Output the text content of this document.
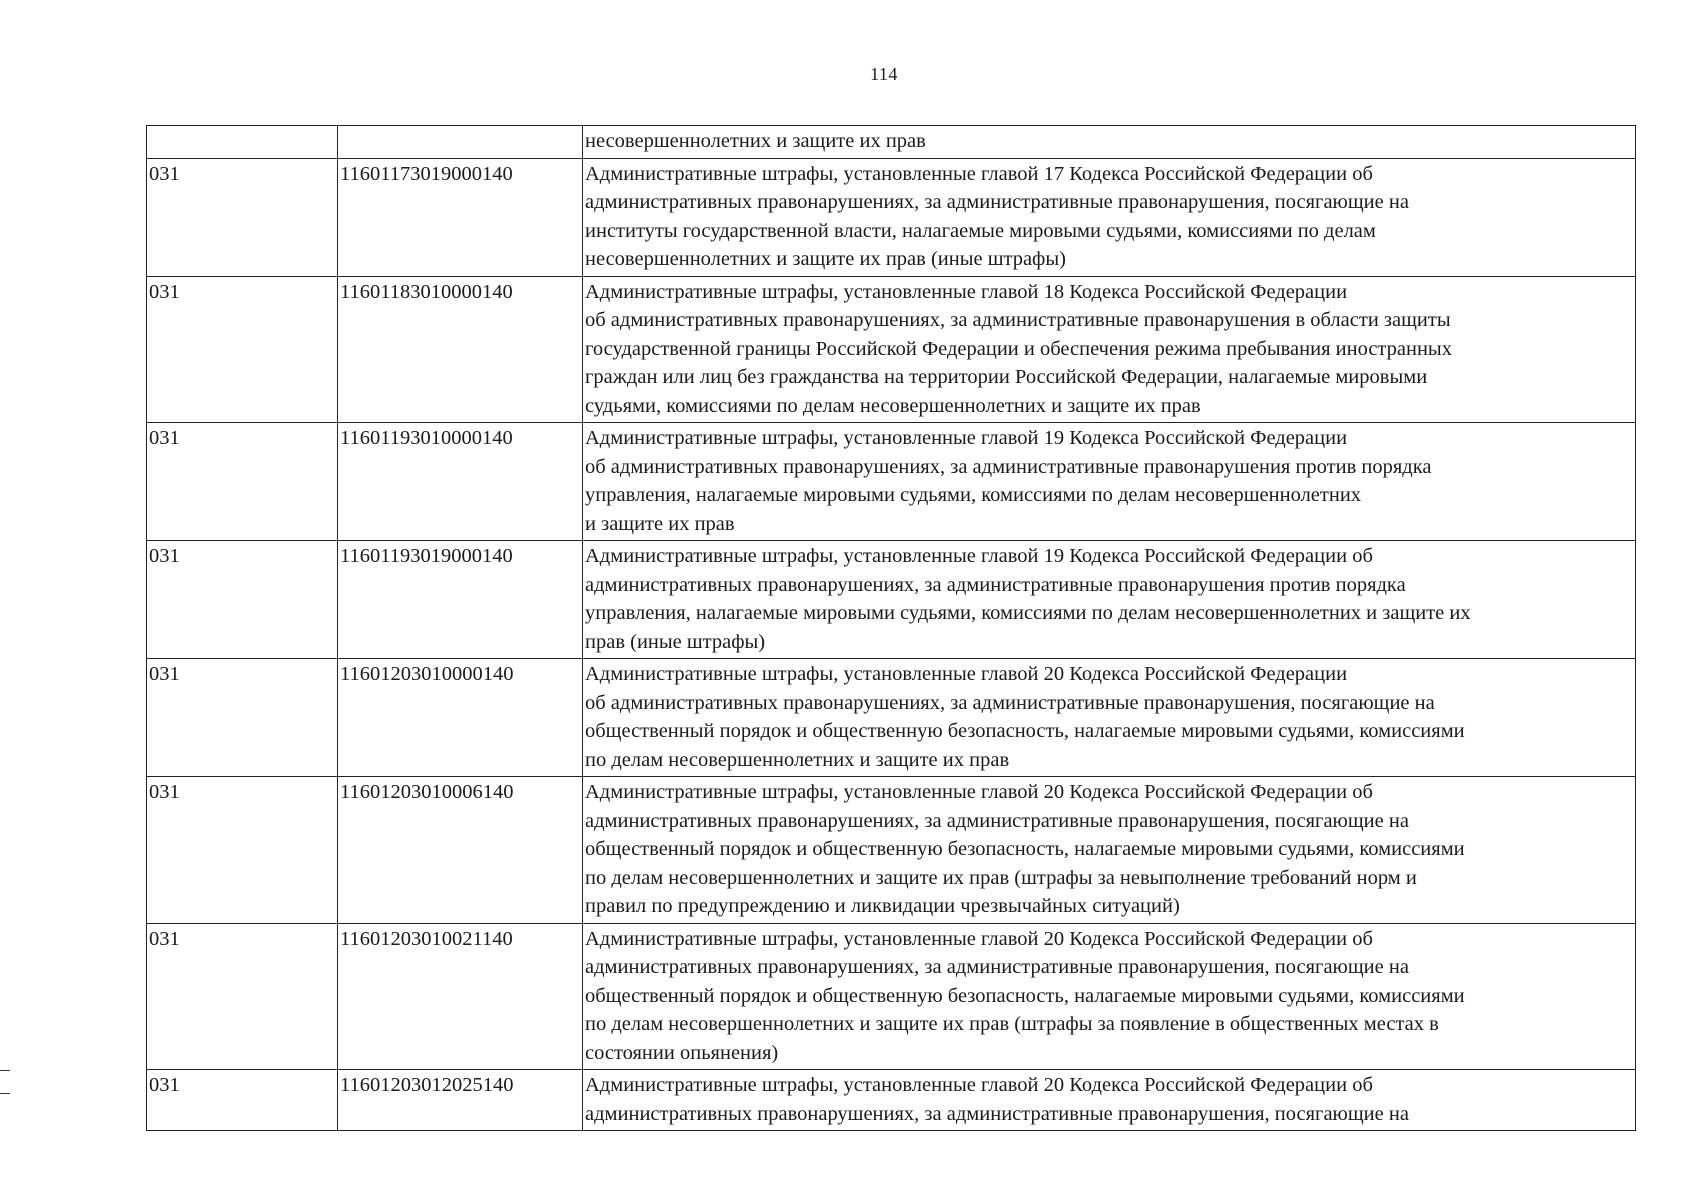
114

		несовершеннолетних и защите их прав

031	11601173019000140	Административные штрафы, установленные главой 17 Кодекса Российской Федерации об
административных правонарушениях, за административные правонарушения, посягающие на
институты государственной власти, налагаемые мировыми судьями, комиссиями по делам
несовершеннолетних и защите их прав (иные штрафы)

031	11601183010000140	Административные штрафы, установленные главой 18 Кодекса Российской Федерации
об административных правонарушениях, за административные правонарушения в области защиты
государственной границы Российской Федерации и обеспечения режима пребывания иностранных
граждан или лиц без гражданства на территории Российской Федерации, налагаемые мировыми
судьями, комиссиями по делам несовершеннолетних и защите их прав

031	11601193010000140	Административные штрафы, установленные главой 19 Кодекса Российской Федерации
об административных правонарушениях, за административные правонарушения против порядка
управления, налагаемые мировыми судьями, комиссиями по делам несовершеннолетних
и защите их прав

031	11601193019000140	Административные штрафы, установленные главой 19 Кодекса Российской Федерации об
административных правонарушениях, за административные правонарушения против порядка
управления, налагаемые мировыми судьями, комиссиями по делам несовершеннолетних и защите их
прав (иные штрафы)

031	11601203010000140	Административные штрафы, установленные главой 20 Кодекса Российской Федерации
об административных правонарушениях, за административные правонарушения, посягающие на
общественный порядок и общественную безопасность, налагаемые мировыми судьями, комиссиями
по делам несовершеннолетних и защите их прав

031	11601203010006140	Административные штрафы, установленные главой 20 Кодекса Российской Федерации об
административных правонарушениях, за административные правонарушения, посягающие на
общественный порядок и общественную безопасность, налагаемые мировыми судьями, комиссиями
по делам несовершеннолетних и защите их прав (штрафы за невыполнение требований норм и
правил по предупреждению и ликвидации чрезвычайных ситуаций)

031	11601203010021140	Административные штрафы, установленные главой 20 Кодекса Российской Федерации об
административных правонарушениях, за административные правонарушения, посягающие на
общественный порядок и общественную безопасность, налагаемые мировыми судьями, комиссиями
по делам несовершеннолетних и защите их прав (штрафы за появление в общественных местах в
состоянии опьянения)

031	11601203012025140	Административные штрафы, установленные главой 20 Кодекса Российской Федерации об
административных правонарушениях, за административные правонарушения, посягающие на
